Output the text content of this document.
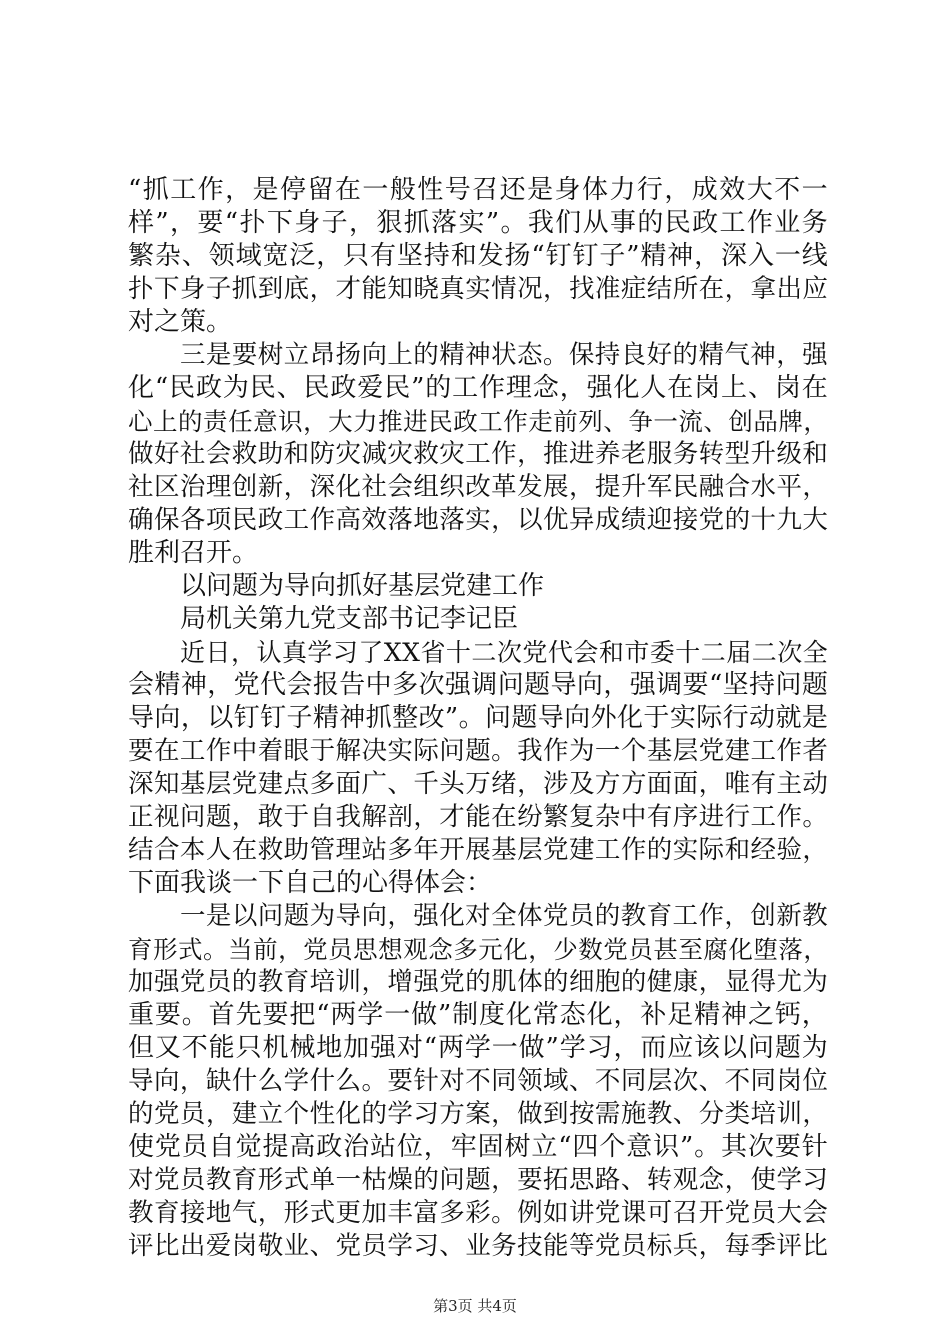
“ 抓 工 作 ， 是 停 留 在 一 般 性 号 召 还 是 身 体 力 行 ， 成 效 大 不 一
样 ” ， 要 “ 扑 下 身 子 ， 狠 抓 落 实 ” 。 我 们 从 事 的 民 政 工 作 业 务
繁 杂 、 领 域 宽 泛 ， 只 有 坚 持 和 发 扬 “ 钉 钉 子 ” 精 神 ， 深 入 一 线
扑 下 身 子 抓 到 底 ， 才 能 知 晓 真 实 情 况 ， 找 准 症 结 所 在 ， 拿 出 应
对之策。
三 是 要 树 立 昂 扬 向 上 的 精 神 状 态 。 保 持 良 好 的 精 气 神 ， 强
化 “ 民 政 为 民 、 民 政 爱 民 ” 的 工 作 理 念 ， 强 化 人 在 岗 上 、 岗 在
心 上 的 责 任 意 识 ， 大 力 推 进 民 政 工 作 走 前 列 、 争 一 流 、 创 品 牌 ，
做 好 社 会 救 助 和 防 灾 减 灾 救 灾 工 作 ， 推 进 养 老 服 务 转 型 升 级 和
社 区 治 理 创 新 ， 深 化 社 会 组 织 改 革 发 展 ， 提 升 军 民 融 合 水 平 ，
确 保 各 项 民 政 工 作 高 效 落 地 落 实 ， 以 优 异 成 绩 迎 接 党 的 十 九 大
胜利召开。
以问题为导向抓好基层党建工作
局机关第九党支部书记李记臣
近 日 ， 认 真 学 习 了 X X 省 十 二 次 党 代 会 和 市 委 十 二 届 二 次 全
会 精 神 ， 党 代 会 报 告 中 多 次 强 调 问 题 导 向 ， 强 调 要 “ 坚 持 问 题
导 向 ， 以 钉 钉 子 精 神 抓 整 改 ” 。 问 题 导 向 外 化 于 实 际 行 动 就 是
要 在 工 作 中 着 眼 于 解 决 实 际 问 题 。 我 作 为 一 个 基 层 党 建 工 作 者
深 知 基 层 党 建 点 多 面 广 、 千 头 万 绪 ， 涉 及 方 方 面 面 ， 唯 有 主 动
正 视 问 题 ， 敢 于 自 我 解 剖 ， 才 能 在 纷 繁 复 杂 中 有 序 进 行 工 作 。
结 合 本 人 在 救 助 管 理 站 多 年 开 展 基 层 党 建 工 作 的 实 际 和 经 验 ，
下面我谈一下自己的心得体会：
一 是 以 问 题 为 导 向 ， 强 化 对 全 体 党 员 的 教 育 工 作 ， 创 新 教
育 形 式 。 当 前 ， 党 员 思 想 观 念 多 元 化 ， 少 数 党 员 甚 至 腐 化 堕 落 ，
加 强 党 员 的 教 育 培 训 ， 增 强 党 的 肌 体 的 细 胞 的 健 康 ， 显 得 尤 为
重 要 。 首 先 要 把 “ 两 学 一 做 ” 制 度 化 常 态 化 ， 补 足 精 神 之 钙 ，
但 又 不 能 只 机 械 地 加 强 对 “ 两 学 一 做 ” 学 习 ， 而 应 该 以 问 题 为
导 向 ， 缺 什 么 学 什 么 。 要 针 对 不 同 领 域 、 不 同 层 次 、 不 同 岗 位
的 党 员 ， 建 立 个 性 化 的 学 习 方 案 ， 做 到 按 需 施 教 、 分 类 培 训 ，
使 党 员 自 觉 提 高 政 治 站 位 ， 牢 固 树 立 “ 四 个 意 识 ” 。 其 次 要 针
对 党 员 教 育 形 式 单 一 枯 燥 的 问 题 ， 要 拓 思 路 、 转 观 念 ， 使 学 习
教 育 接 地 气 ， 形 式 更 加 丰 富 多 彩 。 例 如 讲 党 课 可 召 开 党 员 大 会
评 比 出 爱 岗 敬 业 、 党 员 学 习 、 业 务 技 能 等 党 员 标 兵 ， 每 季 评 比
第3页 共4页
